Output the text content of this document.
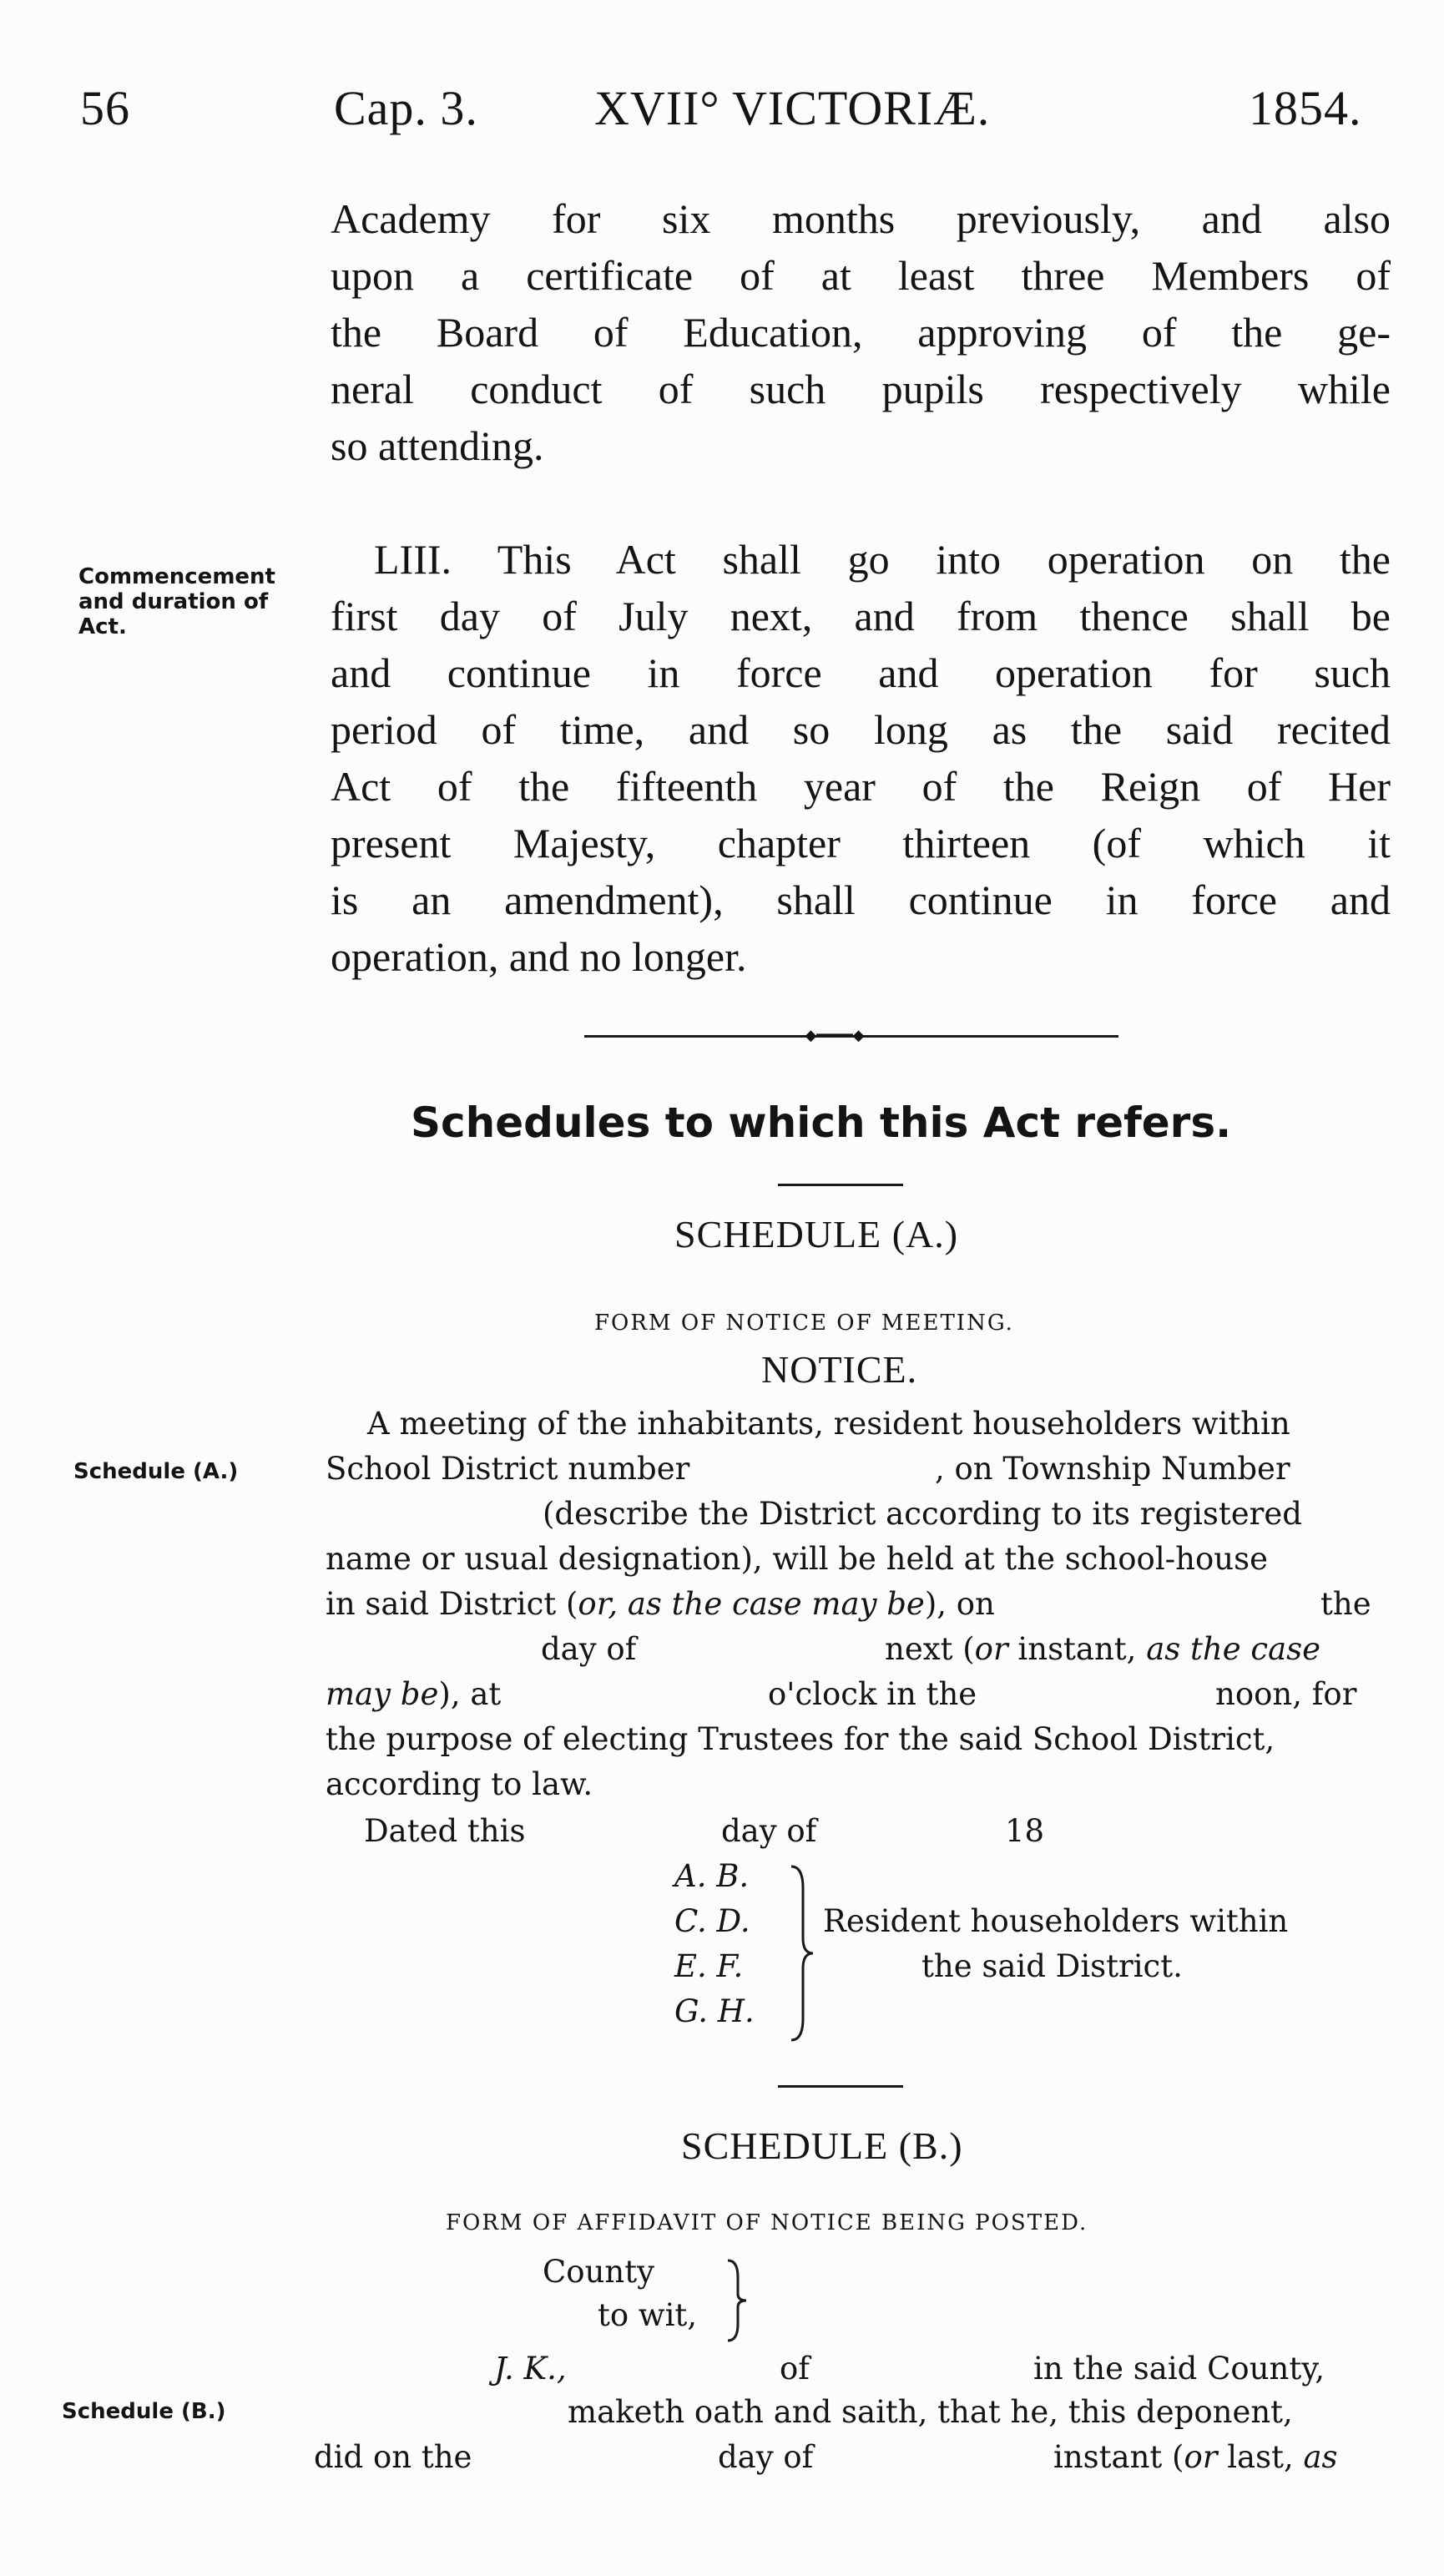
56	Cap. 3. XVII° VICTORIÆ.	1854.
Academy for six months previously, and also
upon a certificate of at least three Members of
the Board of Education, approving of the ge-
neral conduct of such pupils respectively while
so attending.
Commencement
and duration of
Act.
LIII. This Act shall go into operation on the
first day of July next, and from thence shall be
and continue in force and operation for such
period of time, and so long as the said recited
Act of the fifteenth year of the Reign of Her
present Majesty, chapter thirteen (of which it
is an amendment), shall continue in force and
operation, and no longer.
◆━━━━◆
Schedules to which this Act refers.
SCHEDULE (A.)
FORM OF NOTICE OF MEETING.
NOTICE.
Schedule (A.)
A meeting of the inhabitants, resident householders within
School District number	, on Township Number
(describe the District according to its registered
name or usual designation), will be held at the school-house
in said District (or, as the case may be), on	the
day of	next (or instant, as the case
may be), at	o'clock in the	noon, for
the purpose of electing Trustees for the said School District,
according to law.
Dated this	day of	18
A. B.
C. D.
E. F.
G. H.
Resident householders within
the said District.
SCHEDULE (B.)
FORM OF AFFIDAVIT OF NOTICE BEING POSTED.
County
to wit,
Schedule (B.)
J. K.,	of	in the said County,
maketh oath and saith, that he, this deponent,
did on the	day of	instant (or last, as
